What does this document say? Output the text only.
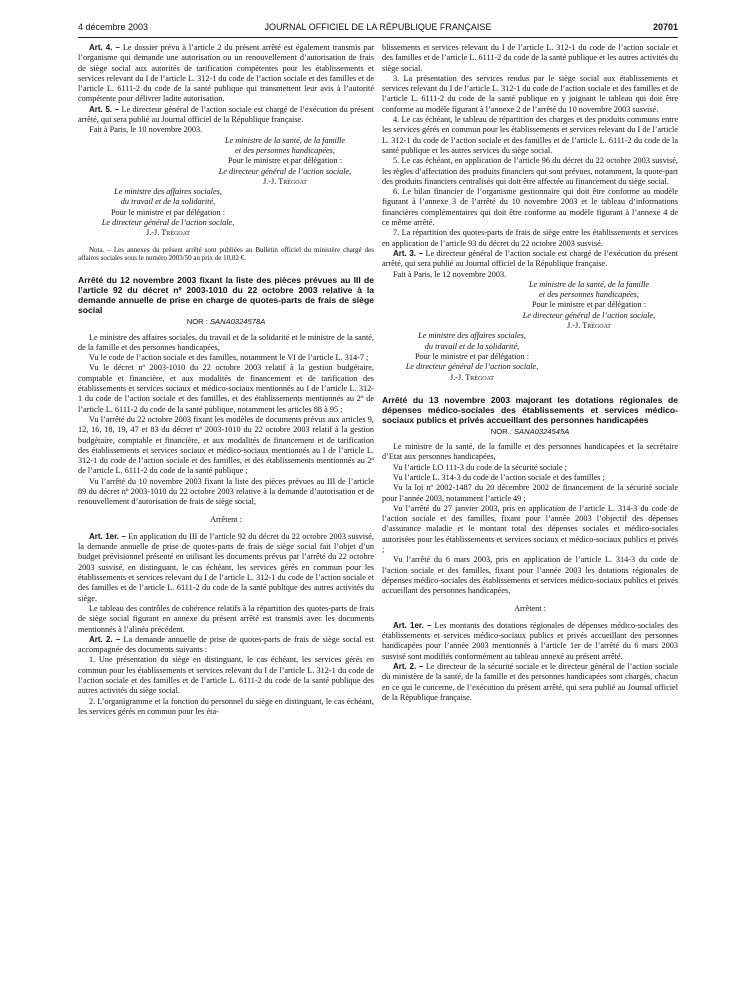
4 décembre 2003	JOURNAL OFFICIEL DE LA RÉPUBLIQUE FRANÇAISE	20701

Art. 4. – Le dossier prévu à l’article 2 du présent arrêté est également transmis par l’organisme qui demande une autorisation ou un renouvellement d’autorisation de frais de siège social aux autorités de tarification compétentes pour les établissements et services relevant du I de l’article L. 312-1 du code de l’action sociale et des familles et de l’article L. 6111-2 du code de la santé publique qui transmettent leur avis à l’autorité compétente pour délivrer ladite autorisation.

Art. 5. – Le directeur général de l’action sociale est chargé de l’exécution du présent arrêté, qui sera publié au Journal officiel de la République française.

Fait à Paris, le 10 novembre 2003.

Le ministre de la santé, de la famille

et des personnes handicapées,

Pour le ministre et par délégation :

Le directeur général de l’action sociale,

J.-J. Trégoat

Le ministre des affaires sociales,

du travail et de la solidarité,

Pour le ministre et par délégation :

Le directeur général de l’action sociale,

J.-J. Trégoat

Nota. – Les annexes du présent arrêté sont publiées au Bulletin officiel du ministère chargé des affaires sociales sous le numéro 2003/50 au prix de 10,82 €.

Arrêté du 12 novembre 2003 fixant la liste des pièces prévues au III de l’article 92 du décret nº 2003-1010 du 22 octobre 2003 relative à la demande annuelle de prise en charge de quotes-parts de frais de siège social
NOR : SANA0324578A

Le ministre des affaires sociales, du travail et de la solidarité et le ministre de la santé, de la famille et des personnes handicapées,

Vu le code de l’action sociale et des familles, notamment le VI de l’article L. 314-7 ;

Vu le décret nº 2003-1010 du 22 octobre 2003 relatif à la gestion budgétaire, comptable et financière, et aux modalités de financement et de tarification des établissements et services sociaux et médico-sociaux mentionnés au I de l’article L. 312-1 du code de l’action sociale et des familles, et des établissements mentionnés au 2º de l’article L. 6111-2 du code de la santé publique, notamment les articles 88 à 95 ;

Vu l’arrêté du 22 octobre 2003 fixant les modèles de documents prévus aux articles 9, 12, 16, 18, 19, 47 et 83 du décret nº 2003-1010 du 22 octobre 2003 relatif à la gestion budgétaire, comptable et financière, et aux modalités de financement et de tarification des établissements et services sociaux et médico-sociaux mentionnés au I de l’article L. 312-1 du code de l’action sociale et des familles, et des établissements mentionnés au 2º de l’article L. 6111-2 du code de la santé publique ;

Vu l’arrêté du 10 novembre 2003 fixant la liste des pièces prévues au III de l’article 89 du décret nº 2003-1010 du 22 octobre 2003 relative à la demande d’autorisation et de renouvellement d’autorisation de frais de siège social,

Arrêtent :

Art. 1er. – En application du III de l’article 92 du décret du 22 octobre 2003 susvisé, la demande annuelle de prise de quotes-parts de frais de siège social fait l’objet d’un budget prévisionnel présenté en utilisant les documents prévus par l’arrêté du 22 octobre 2003 susvisé, en distinguant, le cas échéant, les services gérés en commun pour les établissements et services relevant du I de l’article L. 312-1 du code de l’action sociale et des familles et de l’article L. 6111-2 du code de la santé publique des autres activités du siège.

Le tableau des contrôles de cohérence relatifs à la répartition des quotes-parts de frais de siège social figurant en annexe du présent arrêté est transmis avec les documents mentionnés à l’alinéa précédent.

Art. 2. – La demande annuelle de prise de quotes-parts de frais de siège social est accompagnée des documents suivants :

1. Une présentation du siège en distinguant, le cas échéant, les services gérés en commun pour les établissements et services relevant du I de l’article L. 312-1 du code de l’action sociale et des familles et de l’article L. 6111-2 du code de la santé publique des autres activités du siège social.

2. L’organigramme et la fonction du personnel du siège en distinguant, le cas échéant, les services gérés en commun pour les éta-

blissements et services relevant du I de l’article L. 312-1 du code de l’action sociale et des familles et de l’article L. 6111-2 du code de la santé publique et les autres activités du siège social.

3. La présentation des services rendus par le siège social aux établissements et services relevant du I de l’article L. 312-1 du code de l’action sociale et des familles et de l’article L. 6111-2 du code de la santé publique en y joignant le tableau qui doit être conforme au modèle figurant à l’annexe 2 de l’arrêté du 10 novembre 2003 susvisé.

4. Le cas échéant, le tableau de répartition des charges et des produits communs entre les services gérés en commun pour les établissements et services relevant du I de l’article L. 312-1 du code de l’action sociale et des familles et de l’article L. 6111-2 du code de la santé publique et les autres services du siège social.

5. Le cas échéant, en application de l’article 96 du décret du 22 octobre 2003 susvisé, les règles d’affectation des produits financiers qui sont prévues, notamment, la quote-part des produits financiers centralisés qui doit être affectée au financement du siège social.

6. Le bilan financier de l’organisme gestionnaire qui doit être conforme au modèle figurant à l’annexe 3 de l’arrêté du 10 novembre 2003 et le tableau d’informations financières complémentaires qui doit être conforme au modèle figurant à l’annexe 4 de ce même arrêté.

7. La répartition des quotes-parts de frais de siège entre les établissements et services en application de l’article 93 du décret du 22 octobre 2003 susvisé.

Art. 3. – Le directeur général de l’action sociale est chargé de l’exécution du présent arrêté, qui sera publié au Journal officiel de la République française.

Fait à Paris, le 12 novembre 2003.

Le ministre de la santé, de la famille

et des personnes handicapées,

Pour le ministre et par délégation :

Le directeur général de l’action sociale,

J.-J. Trégoat

Le ministre des affaires sociales,

du travail et de la solidarité,

Pour le ministre et par délégation :

Le directeur général de l’action sociale,

J.-J. Trégoat

Arrêté du 13 novembre 2003 majorant les dotations régionales de dépenses médico-sociales des établissements et services médico-sociaux publics et privés accueillant des personnes handicapées
NOR : SANA0324545A

Le ministre de la santé, de la famille et des personnes handicapées et la secrétaire d’Etat aux personnes handicapées,

Vu l’article LO 111-3 du code de la sécurité sociale ;

Vu l’article L. 314-3 du code de l’action sociale et des familles ;

Vu la loi nº 2002-1487 du 20 décembre 2002 de financement de la sécurité sociale pour l’année 2003, notamment l’article 49 ;

Vu l’arrêté du 27 janvier 2003, pris en application de l’article L. 314-3 du code de l’action sociale et des familles, fixant pour l’année 2003 l’objectif des dépenses d’assurance maladie et le montant total des dépenses sociales et médico-sociales autorisées pour les établissements et services sociaux et médico-sociaux publics et privés ;

Vu l’arrêté du 6 mars 2003, pris en application de l’article L. 314-3 du code de l’action sociale et des familles, fixant pour l’année 2003 les dotations régionales de dépenses médico-sociales des établissements et services médico-sociaux publics et privés accueillant des personnes handicapées,

Arrêtent :

Art. 1er. – Les montants des dotations régionales de dépenses médico-sociales des établissements et services médico-sociaux publics et privés accueillant des personnes handicapées pour l’année 2003 mentionnés à l’article 1er de l’arrêté du 6 mars 2003 susvisé sont modifiés conformément au tableau annexé au présent arrêté.

Art. 2. – Le directeur de la sécurité sociale et le directeur général de l’action sociale du ministère de la santé, de la famille et des personnes handicapées sont chargés, chacun en ce qui le concerne, de l’exécution du présent arrêté, qui sera publié au Journal officiel de la République française.
